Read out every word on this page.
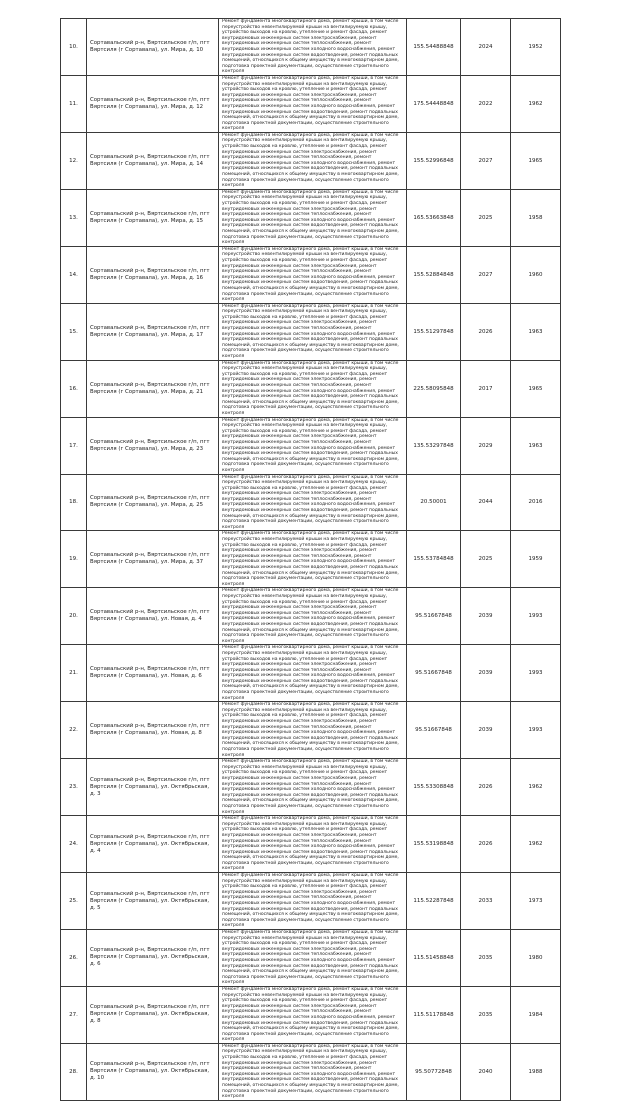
10.	Сортавальский р-н, Вяртсильское г/п, пгт Вяртсиля (г Сортавала), ул. Мира, д. 10	Ремонт фундамента многоквартирного дома, ремонт крыши, в том числе переустройство невентилируемой крыши на вентилируемую крышу, устройство выходов на кровлю, утепление и ремонт фасада, ремонт внутридомовых инженерных систем электроснабжения, ремонт внутридомовых инженерных систем теплоснабжения, ремонт внутридомовых инженерных систем холодного водоснабжения, ремонт внутридомовых инженерных систем водоотведения, ремонт подвальных помещений, относящихся к общему имуществу в многоквартирном доме, подготовка проектной документации, осуществление строительного контроля	155.54488848	2024	1952
11.	Сортавальский р-н, Вяртсильское г/п, пгт Вяртсиля (г Сортавала), ул. Мира, д. 12	Ремонт фундамента многоквартирного дома, ремонт крыши, в том числе переустройство невентилируемой крыши на вентилируемую крышу, устройство выходов на кровлю, утепление и ремонт фасада, ремонт внутридомовых инженерных систем электроснабжения, ремонт внутридомовых инженерных систем теплоснабжения, ремонт внутридомовых инженерных систем холодного водоснабжения, ремонт внутридомовых инженерных систем водоотведения, ремонт подвальных помещений, относящихся к общему имуществу в многоквартирном доме, подготовка проектной документации, осуществление строительного контроля	175.54448848	2022	1962
12.	Сортавальский р-н, Вяртсильское г/п, пгт Вяртсиля (г Сортавала), ул. Мира, д. 14	Ремонт фундамента многоквартирного дома, ремонт крыши, в том числе переустройство невентилируемой крыши на вентилируемую крышу, устройство выходов на кровлю, утепление и ремонт фасада, ремонт внутридомовых инженерных систем электроснабжения, ремонт внутридомовых инженерных систем теплоснабжения, ремонт внутридомовых инженерных систем холодного водоснабжения, ремонт внутридомовых инженерных систем водоотведения, ремонт подвальных помещений, относящихся к общему имуществу в многоквартирном доме, подготовка проектной документации, осуществление строительного контроля	155.52996848	2027	1965
13.	Сортавальский р-н, Вяртсильское г/п, пгт Вяртсиля (г Сортавала), ул. Мира, д. 15	Ремонт фундамента многоквартирного дома, ремонт крыши, в том числе переустройство невентилируемой крыши на вентилируемую крышу, устройство выходов на кровлю, утепление и ремонт фасада, ремонт внутридомовых инженерных систем электроснабжения, ремонт внутридомовых инженерных систем теплоснабжения, ремонт внутридомовых инженерных систем холодного водоснабжения, ремонт внутридомовых инженерных систем водоотведения, ремонт подвальных помещений, относящихся к общему имуществу в многоквартирном доме, подготовка проектной документации, осуществление строительного контроля	165.53663848	2025	1958
14.	Сортавальский р-н, Вяртсильское г/п, пгт Вяртсиля (г Сортавала), ул. Мира, д. 16	Ремонт фундамента многоквартирного дома, ремонт крыши, в том числе переустройство невентилируемой крыши на вентилируемую крышу, устройство выходов на кровлю, утепление и ремонт фасада, ремонт внутридомовых инженерных систем электроснабжения, ремонт внутридомовых инженерных систем теплоснабжения, ремонт внутридомовых инженерных систем холодного водоснабжения, ремонт внутридомовых инженерных систем водоотведения, ремонт подвальных помещений, относящихся к общему имуществу в многоквартирном доме, подготовка проектной документации, осуществление строительного контроля	155.52884848	2027	1960
15.	Сортавальский р-н, Вяртсильское г/п, пгт Вяртсиля (г Сортавала), ул. Мира, д. 17	Ремонт фундамента многоквартирного дома, ремонт крыши, в том числе переустройство невентилируемой крыши на вентилируемую крышу, устройство выходов на кровлю, утепление и ремонт фасада, ремонт внутридомовых инженерных систем электроснабжения, ремонт внутридомовых инженерных систем теплоснабжения, ремонт внутридомовых инженерных систем холодного водоснабжения, ремонт внутридомовых инженерных систем водоотведения, ремонт подвальных помещений, относящихся к общему имуществу в многоквартирном доме, подготовка проектной документации, осуществление строительного контроля	155.51297848	2026	1963
16.	Сортавальский р-н, Вяртсильское г/п, пгт Вяртсиля (г Сортавала), ул. Мира, д. 21	Ремонт фундамента многоквартирного дома, ремонт крыши, в том числе переустройство невентилируемой крыши на вентилируемую крышу, устройство выходов на кровлю, утепление и ремонт фасада, ремонт внутридомовых инженерных систем электроснабжения, ремонт внутридомовых инженерных систем теплоснабжения, ремонт внутридомовых инженерных систем холодного водоснабжения, ремонт внутридомовых инженерных систем водоотведения, ремонт подвальных помещений, относящихся к общему имуществу в многоквартирном доме, подготовка проектной документации, осуществление строительного контроля	225.58095848	2017	1965
17.	Сортавальский р-н, Вяртсильское г/п, пгт Вяртсиля (г Сортавала), ул. Мира, д. 23	Ремонт фундамента многоквартирного дома, ремонт крыши, в том числе переустройство невентилируемой крыши на вентилируемую крышу, устройство выходов на кровлю, утепление и ремонт фасада, ремонт внутридомовых инженерных систем электроснабжения, ремонт внутридомовых инженерных систем теплоснабжения, ремонт внутридомовых инженерных систем холодного водоснабжения, ремонт внутридомовых инженерных систем водоотведения, ремонт подвальных помещений, относящихся к общему имуществу в многоквартирном доме, подготовка проектной документации, осуществление строительного контроля	135.53297848	2029	1963
18.	Сортавальский р-н, Вяртсильское г/п, пгт Вяртсиля (г Сортавала), ул. Мира, д. 25	Ремонт фундамента многоквартирного дома, ремонт крыши, в том числе переустройство невентилируемой крыши на вентилируемую крышу, устройство выходов на кровлю, утепление и ремонт фасада, ремонт внутридомовых инженерных систем электроснабжения, ремонт внутридомовых инженерных систем теплоснабжения, ремонт внутридомовых инженерных систем холодного водоснабжения, ремонт внутридомовых инженерных систем водоотведения, ремонт подвальных помещений, относящихся к общему имуществу в многоквартирном доме, подготовка проектной документации, осуществление строительного контроля	20.50001	2044	2016
19.	Сортавальский р-н, Вяртсильское г/п, пгт Вяртсиля (г Сортавала), ул. Мира, д. 37	Ремонт фундамента многоквартирного дома, ремонт крыши, в том числе переустройство невентилируемой крыши на вентилируемую крышу, устройство выходов на кровлю, утепление и ремонт фасада, ремонт внутридомовых инженерных систем электроснабжения, ремонт внутридомовых инженерных систем теплоснабжения, ремонт внутридомовых инженерных систем холодного водоснабжения, ремонт внутридомовых инженерных систем водоотведения, ремонт подвальных помещений, относящихся к общему имуществу в многоквартирном доме, подготовка проектной документации, осуществление строительного контроля	155.53784848	2025	1959
20.	Сортавальский р-н, Вяртсильское г/п, пгт Вяртсиля (г Сортавала), ул. Новая, д. 4	Ремонт фундамента многоквартирного дома, ремонт крыши, в том числе переустройство невентилируемой крыши на вентилируемую крышу, устройство выходов на кровлю, утепление и ремонт фасада, ремонт внутридомовых инженерных систем электроснабжения, ремонт внутридомовых инженерных систем теплоснабжения, ремонт внутридомовых инженерных систем холодного водоснабжения, ремонт внутридомовых инженерных систем водоотведения, ремонт подвальных помещений, относящихся к общему имуществу в многоквартирном доме, подготовка проектной документации, осуществление строительного контроля	95.51667848	2039	1993
21.	Сортавальский р-н, Вяртсильское г/п, пгт Вяртсиля (г Сортавала), ул. Новая, д. 6	Ремонт фундамента многоквартирного дома, ремонт крыши, в том числе переустройство невентилируемой крыши на вентилируемую крышу, устройство выходов на кровлю, утепление и ремонт фасада, ремонт внутридомовых инженерных систем электроснабжения, ремонт внутридомовых инженерных систем теплоснабжения, ремонт внутридомовых инженерных систем холодного водоснабжения, ремонт внутридомовых инженерных систем водоотведения, ремонт подвальных помещений, относящихся к общему имуществу в многоквартирном доме, подготовка проектной документации, осуществление строительного контроля	95.51667848	2039	1993
22.	Сортавальский р-н, Вяртсильское г/п, пгт Вяртсиля (г Сортавала), ул. Новая, д. 8	Ремонт фундамента многоквартирного дома, ремонт крыши, в том числе переустройство невентилируемой крыши на вентилируемую крышу, устройство выходов на кровлю, утепление и ремонт фасада, ремонт внутридомовых инженерных систем электроснабжения, ремонт внутридомовых инженерных систем теплоснабжения, ремонт внутридомовых инженерных систем холодного водоснабжения, ремонт внутридомовых инженерных систем водоотведения, ремонт подвальных помещений, относящихся к общему имуществу в многоквартирном доме, подготовка проектной документации, осуществление строительного контроля	95.51667848	2039	1993
23.	Сортавальский р-н, Вяртсильское г/п, пгт Вяртсиля (г Сортавала), ул. Октябрьская, д. 3	Ремонт фундамента многоквартирного дома, ремонт крыши, в том числе переустройство невентилируемой крыши на вентилируемую крышу, устройство выходов на кровлю, утепление и ремонт фасада, ремонт внутридомовых инженерных систем электроснабжения, ремонт внутридомовых инженерных систем теплоснабжения, ремонт внутридомовых инженерных систем холодного водоснабжения, ремонт внутридомовых инженерных систем водоотведения, ремонт подвальных помещений, относящихся к общему имуществу в многоквартирном доме, подготовка проектной документации, осуществление строительного контроля	155.53308848	2026	1962
24.	Сортавальский р-н, Вяртсильское г/п, пгт Вяртсиля (г Сортавала), ул. Октябрьская, д. 4	Ремонт фундамента многоквартирного дома, ремонт крыши, в том числе переустройство невентилируемой крыши на вентилируемую крышу, устройство выходов на кровлю, утепление и ремонт фасада, ремонт внутридомовых инженерных систем электроснабжения, ремонт внутридомовых инженерных систем теплоснабжения, ремонт внутридомовых инженерных систем холодного водоснабжения, ремонт внутридомовых инженерных систем водоотведения, ремонт подвальных помещений, относящихся к общему имуществу в многоквартирном доме, подготовка проектной документации, осуществление строительного контроля	155.53198848	2026	1962
25.	Сортавальский р-н, Вяртсильское г/п, пгт Вяртсиля (г Сортавала), ул. Октябрьская, д. 5	Ремонт фундамента многоквартирного дома, ремонт крыши, в том числе переустройство невентилируемой крыши на вентилируемую крышу, устройство выходов на кровлю, утепление и ремонт фасада, ремонт внутридомовых инженерных систем электроснабжения, ремонт внутридомовых инженерных систем теплоснабжения, ремонт внутридомовых инженерных систем холодного водоснабжения, ремонт внутридомовых инженерных систем водоотведения, ремонт подвальных помещений, относящихся к общему имуществу в многоквартирном доме, подготовка проектной документации, осуществление строительного контроля	115.52287848	2033	1973
26.	Сортавальский р-н, Вяртсильское г/п, пгт Вяртсиля (г Сортавала), ул. Октябрьская, д. 6	Ремонт фундамента многоквартирного дома, ремонт крыши, в том числе переустройство невентилируемой крыши на вентилируемую крышу, устройство выходов на кровлю, утепление и ремонт фасада, ремонт внутридомовых инженерных систем электроснабжения, ремонт внутридомовых инженерных систем теплоснабжения, ремонт внутридомовых инженерных систем холодного водоснабжения, ремонт внутридомовых инженерных систем водоотведения, ремонт подвальных помещений, относящихся к общему имуществу в многоквартирном доме, подготовка проектной документации, осуществление строительного контроля	115.51458848	2035	1980
27.	Сортавальский р-н, Вяртсильское г/п, пгт Вяртсиля (г Сортавала), ул. Октябрьская, д. 8	Ремонт фундамента многоквартирного дома, ремонт крыши, в том числе переустройство невентилируемой крыши на вентилируемую крышу, устройство выходов на кровлю, утепление и ремонт фасада, ремонт внутридомовых инженерных систем электроснабжения, ремонт внутридомовых инженерных систем теплоснабжения, ремонт внутридомовых инженерных систем холодного водоснабжения, ремонт внутридомовых инженерных систем водоотведения, ремонт подвальных помещений, относящихся к общему имуществу в многоквартирном доме, подготовка проектной документации, осуществление строительного контроля	115.51178848	2035	1984
28.	Сортавальский р-н, Вяртсильское г/п, пгт Вяртсиля (г Сортавала), ул. Октябрьская, д. 10	Ремонт фундамента многоквартирного дома, ремонт крыши, в том числе переустройство невентилируемой крыши на вентилируемую крышу, устройство выходов на кровлю, утепление и ремонт фасада, ремонт внутридомовых инженерных систем электроснабжения, ремонт внутридомовых инженерных систем теплоснабжения, ремонт внутридомовых инженерных систем холодного водоснабжения, ремонт внутридомовых инженерных систем водоотведения, ремонт подвальных помещений, относящихся к общему имуществу в многоквартирном доме, подготовка проектной документации, осуществление строительного контроля	95.50772848	2040	1988
